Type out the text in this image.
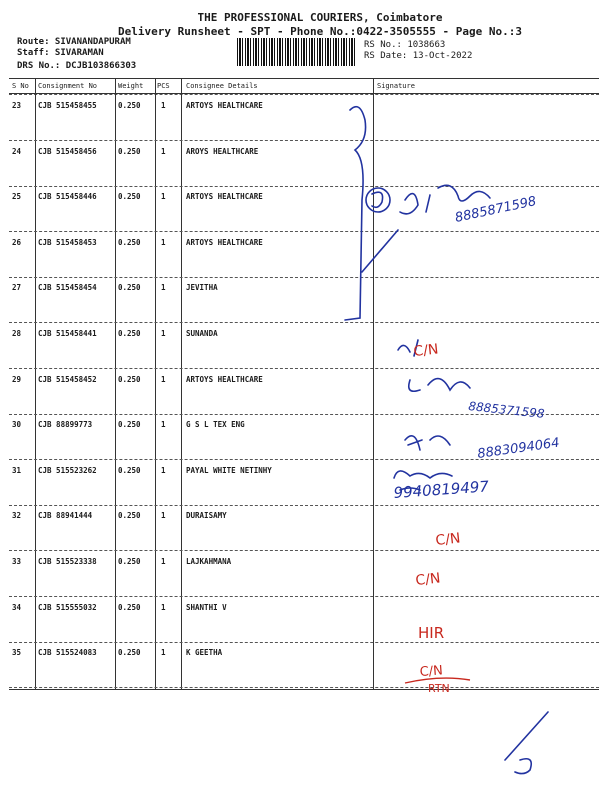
THE PROFESSIONAL COURIERS, Coimbatore
Delivery Runsheet - SPT - Phone No.:0422-3505555 - Page No.:3
Route: SIVANANDAPURAM
Staff: SIVARAMAN
DRS No.: DCJB103866303
RS No.: 1038663
RS Date: 13-Oct-2022
S No Consignment No	Weight PCS Consignee Details	Signature
23 CJB 515458455	0.250	1	ARTOYS HEALTHCARE
24 CJB 515458456	0.250	1	AROYS HEALTHCARE
25 CJB 515458446	0.250	1	ARTOYS HEALTHCARE
26 CJB 515458453	0.250	1	ARTOYS HEALTHCARE
27 CJB 515458454	0.250	1	JEVITHA
28 CJB 515458441	0.250	1	SUNANDA
29 CJB 515458452	0.250	1	ARTOYS HEALTHCARE
30 CJB 88899773	0.250	1	G S L TEX ENG
31 CJB 515523262	0.250	1	PAYAL WHITE NETINHY
32 CJB 88941444	0.250	1	DURAISAMY
33 CJB 515523338	0.250	1	LAJKAHMANA
34 CJB 515555032	0.250	1	SHANTHI V
35 CJB 515524083	0.250	1	K GEETHA
C/N
C/N
C/N
HIR
C/N
RTN
8885871598
8885371598
8883094064
9940819497
